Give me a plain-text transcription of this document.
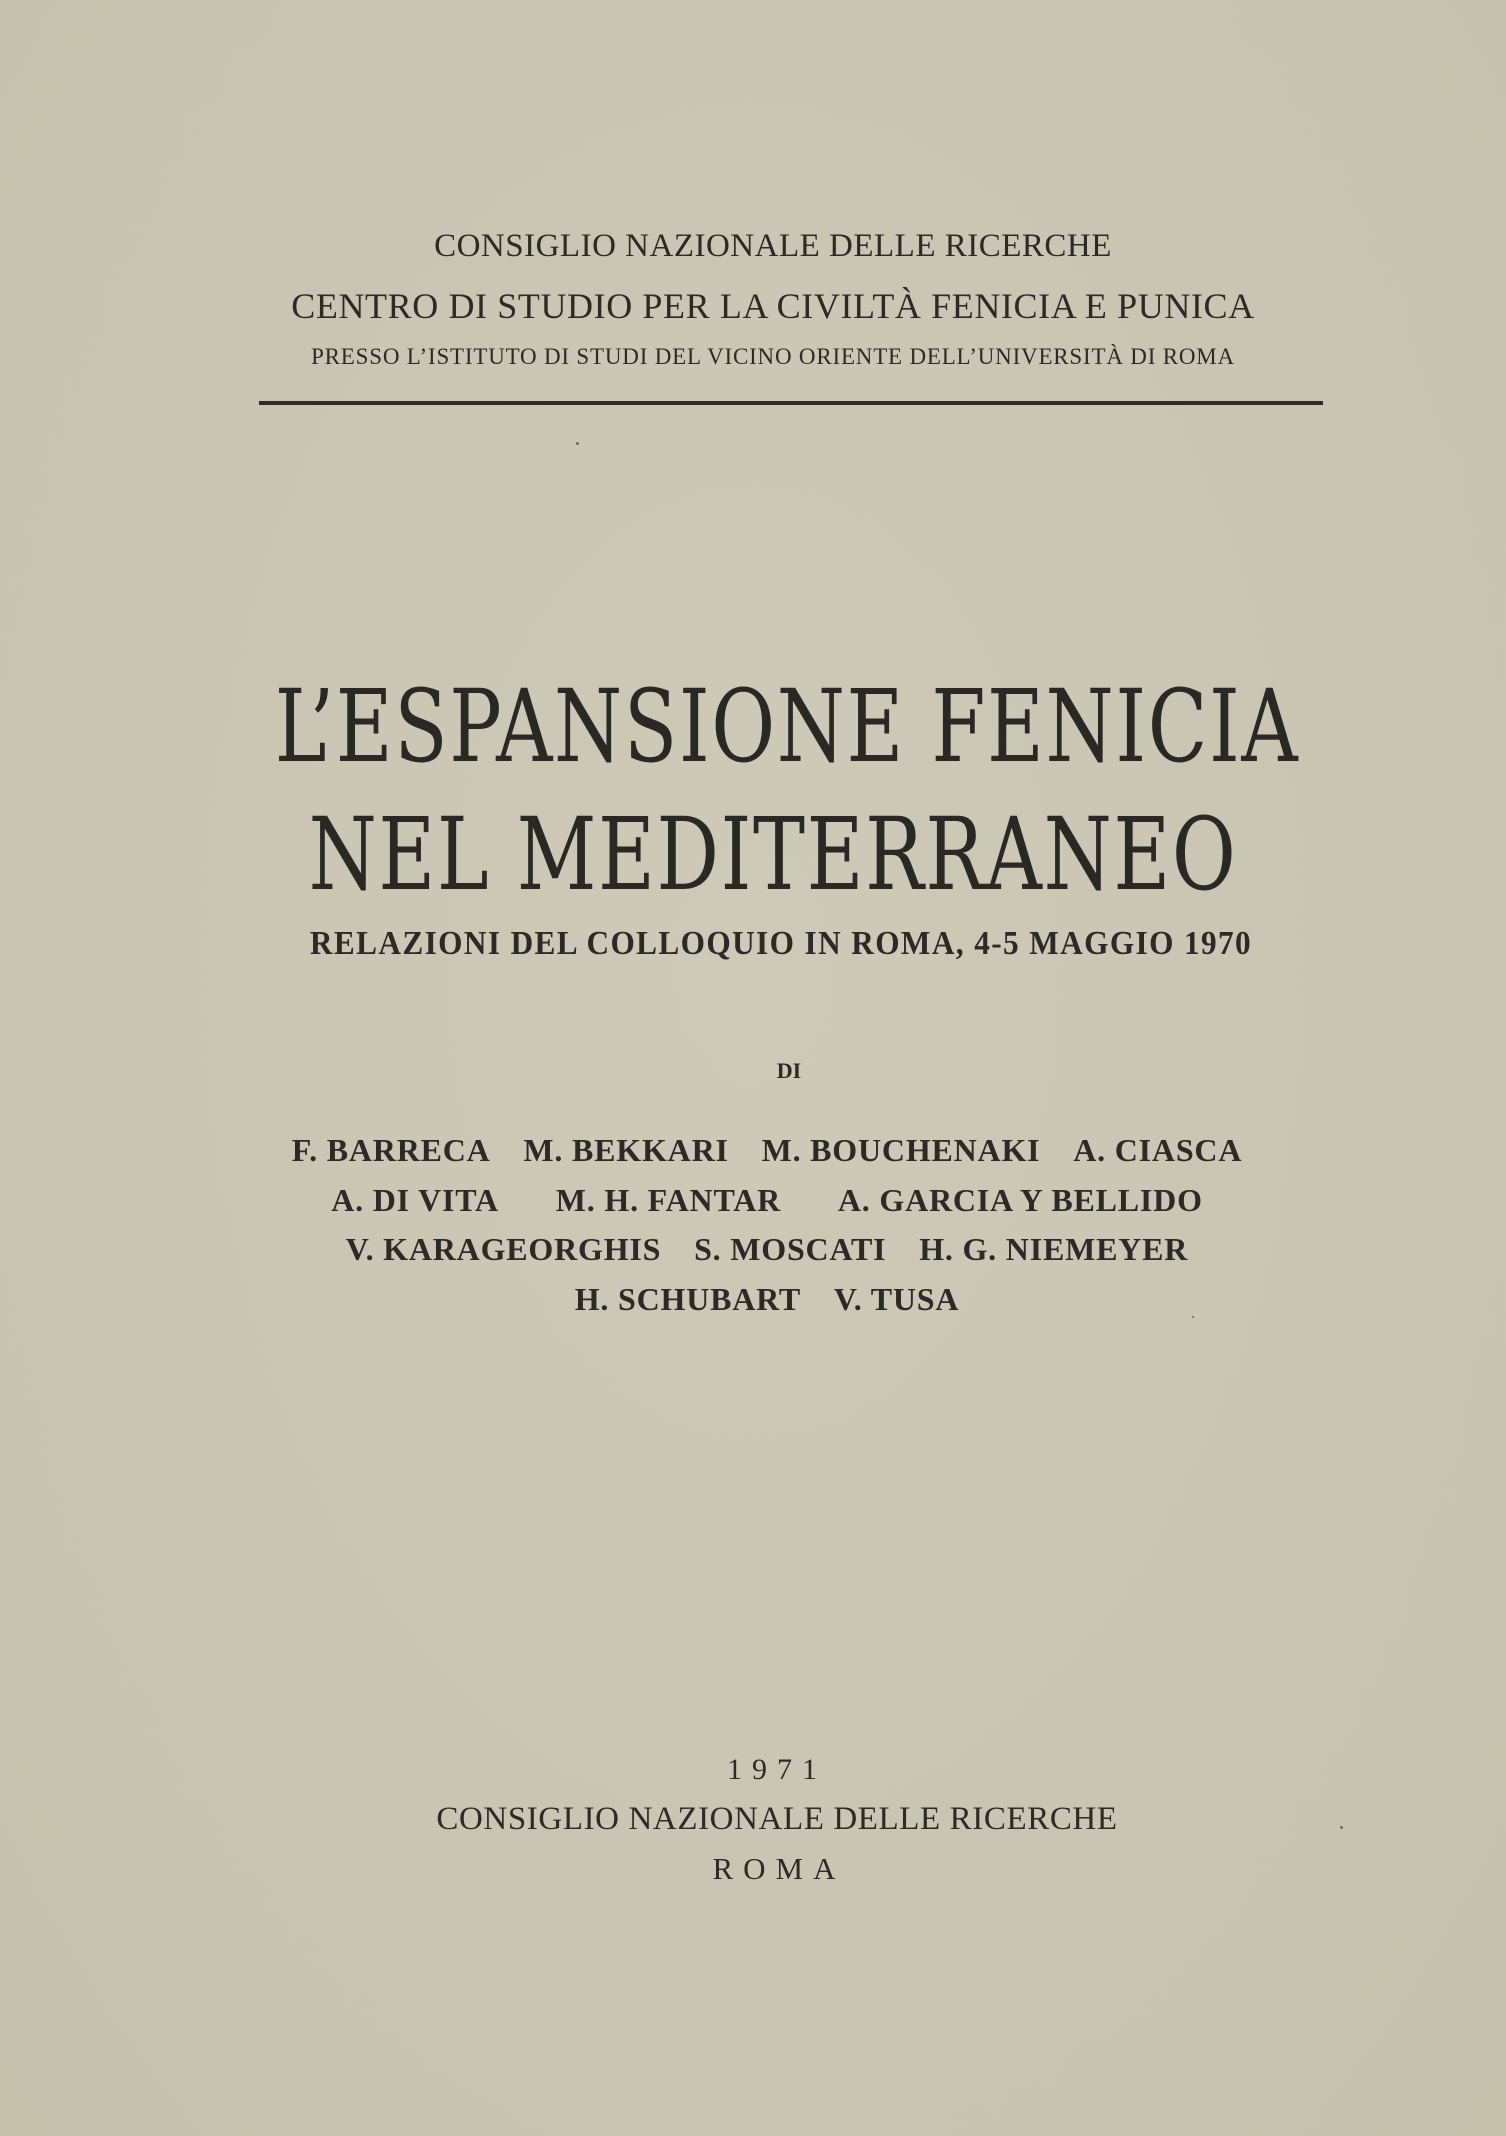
CONSIGLIO NAZIONALE DELLE RICERCHE
CENTRO DI STUDIO PER LA CIVILTÀ FENICIA E PUNICA
PRESSO L’ISTITUTO DI STUDI DEL VICINO ORIENTE DELL’UNIVERSITÀ DI ROMA
L’ESPANSIONE FENICIA
NEL MEDITERRANEO
RELAZIONI DEL COLLOQUIO IN ROMA, 4-5 MAGGIO 1970
DI
F. BARRECA M. BEKKARI M. BOUCHENAKI A. CIASCA
A. DI VITA M. H. FANTAR A. GARCIA Y BELLIDO
V. KARAGEORGHIS S. MOSCATI H. G. NIEMEYER
H. SCHUBART V. TUSA
1971
CONSIGLIO NAZIONALE DELLE RICERCHE
ROMA
